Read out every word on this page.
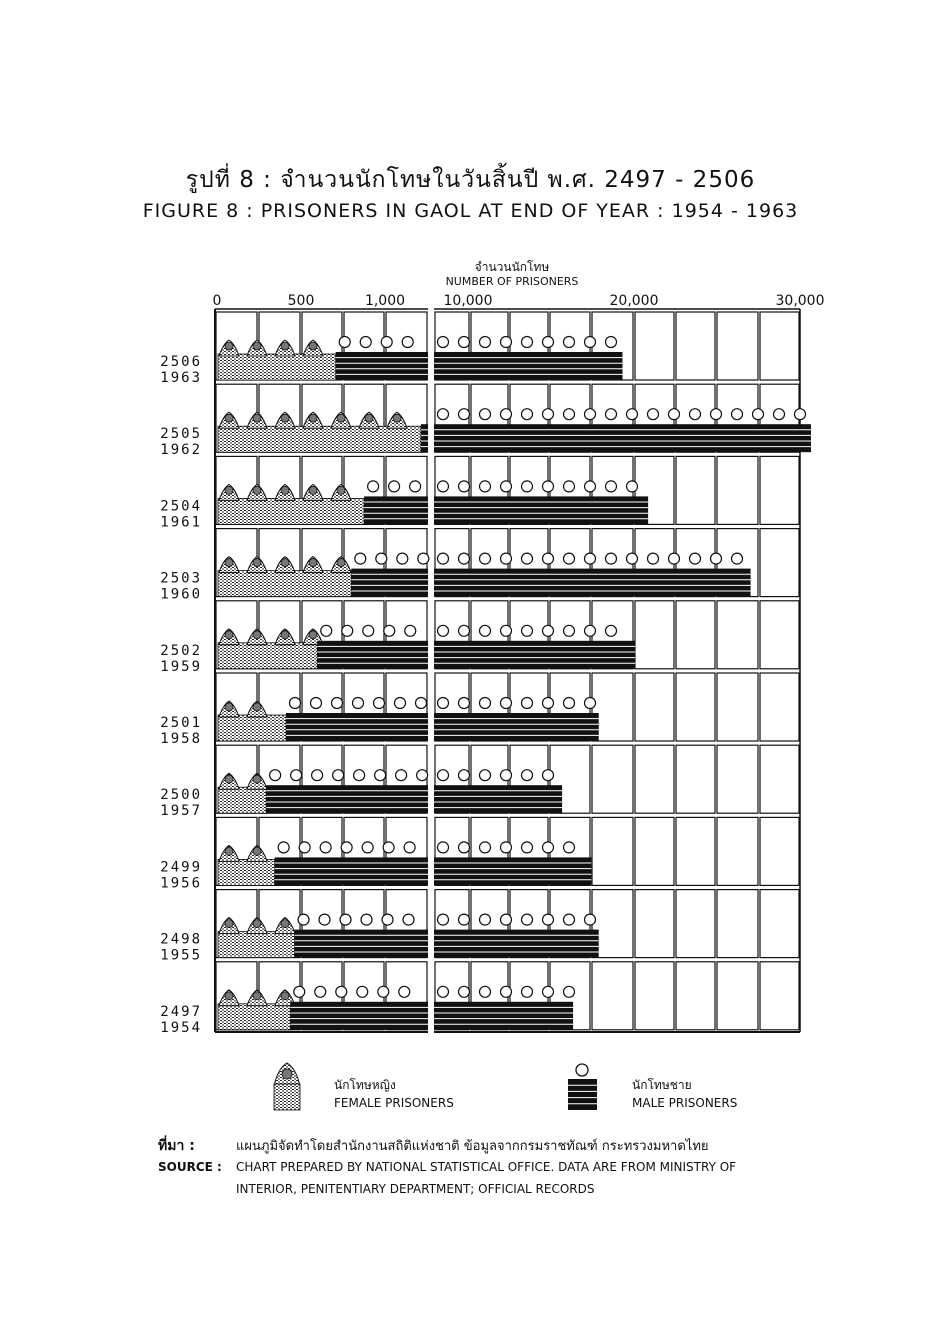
รูปที่ 8 : จำนวนนักโทษในวันสิ้นปี พ.ศ. 2497 - 2506
FIGURE 8 : PRISONERS IN GAOL AT END OF YEAR : 1954 - 1963
จำนวนนักโทษ
NUMBER OF PRISONERS
0	500	1,000	10,000	20,000	30,000
2506
1963
2505
1962
2504
1961
2503
1960
2502
1959
2501
1958
2500
1957
2499
1956
2498
1955
2497
1954
นักโทษหญิง
FEMALE PRISONERS
นักโทษชาย
MALE PRISONERS
ที่มา :	แผนภูมิจัดทำโดยสำนักงานสถิติแห่งชาติ ข้อมูลจากกรมราชทัณฑ์ กระทรวงมหาดไทย
SOURCE : CHART PREPARED BY NATIONAL STATISTICAL OFFICE. DATA ARE FROM MINISTRY OF
INTERIOR, PENITENTIARY DEPARTMENT; OFFICIAL RECORDS
